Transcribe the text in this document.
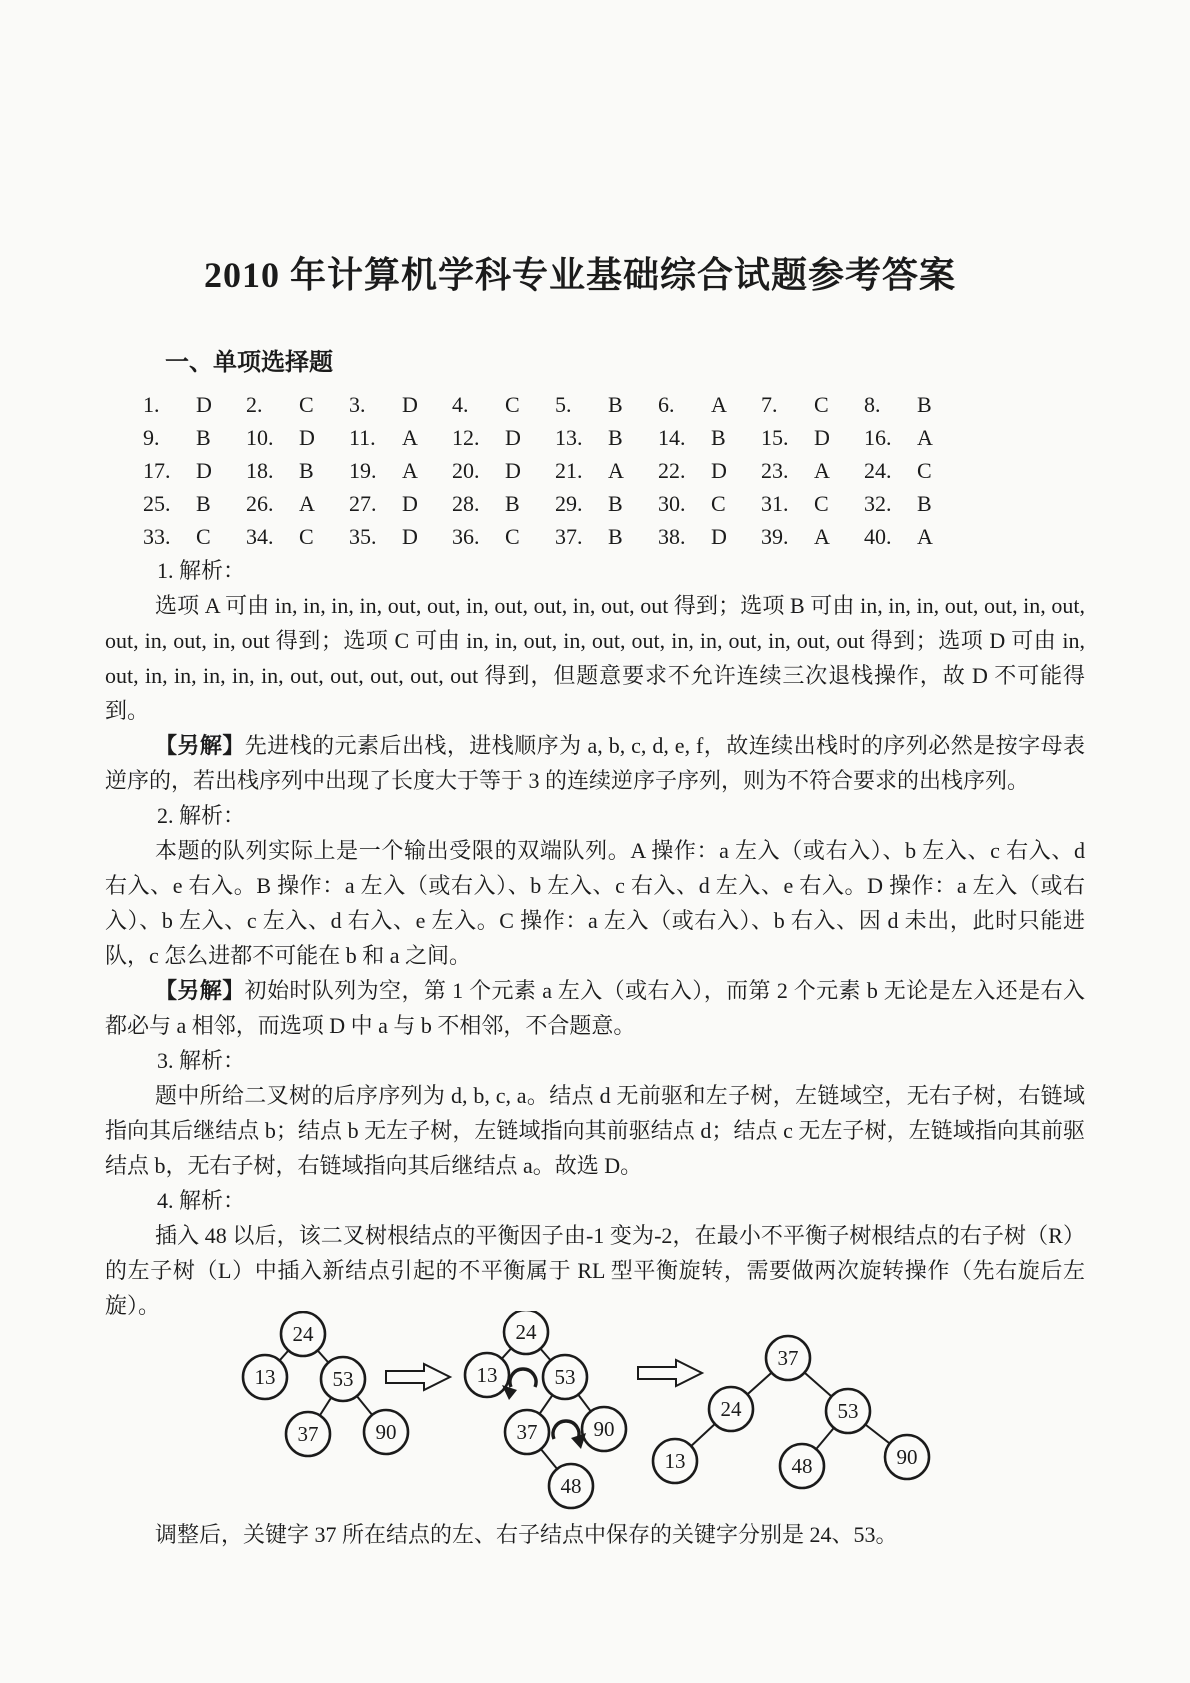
2010 年计算机学科专业基础综合试题参考答案
一、单项选择题
1.	D 2.	C 3.	D 4.	C 5.	B 6.	A 7.	C 8.	B
9.	B 10.	D 11.	A 12.	D 13.	B 14.	B 15.	D 16.	A
17.	D 18.	B 19.	A 20.	D 21.	A 22.	D 23.	A 24.	C
25.	B 26.	A 27.	D 28.	B 29.	B 30.	C 31.	C 32.	B
33.	C 34.	C 35.	D 36.	C 37.	B 38.	D 39.	A 40.	A

1. 解析：

选项 A 可由 in, in, in, in, out, out, in, out, out, in, out, out 得到；选项 B 可由 in, in, in, out, out, in, out, out, in, out, in, out 得到；选项 C 可由 in, in, out, in, out, out, in, in, out, in, out, out 得到；选项 D 可由 in, out, in, in, in, in, in, out, out, out, out, out 得到，但题意要求不允许连续三次退栈操作，故 D 不可能得到。

【另解】先进栈的元素后出栈，进栈顺序为 a, b, c, d, e, f，故连续出栈时的序列必然是按字母表逆序的，若出栈序列中出现了长度大于等于 3 的连续逆序子序列，则为不符合要求的出栈序列。

2. 解析：

本题的队列实际上是一个输出受限的双端队列。A 操作：a 左入（或右入）、b 左入、c 右入、d 右入、e 右入。B 操作：a 左入（或右入）、b 左入、c 右入、d 左入、e 右入。D 操作：a 左入（或右入）、b 左入、c 左入、d 右入、e 左入。C 操作：a 左入（或右入）、b 右入、因 d 未出，此时只能进队，c 怎么进都不可能在 b 和 a 之间。

【另解】初始时队列为空，第 1 个元素 a 左入（或右入），而第 2 个元素 b 无论是左入还是右入都必与 a 相邻，而选项 D 中 a 与 b 不相邻，不合题意。

3. 解析：

题中所给二叉树的后序序列为 d, b, c, a。结点 d 无前驱和左子树，左链域空，无右子树，右链域指向其后继结点 b；结点 b 无左子树，左链域指向其前驱结点 d；结点 c 无左子树，左链域指向其前驱结点 b，无右子树，右链域指向其后继结点 a。故选 D。

4. 解析：

插入 48 以后，该二叉树根结点的平衡因子由-1 变为-2，在最小不平衡子树根结点的右子树（R）的左子树（L）中插入新结点引起的不平衡属于 RL 型平衡旋转，需要做两次旋转操作（先右旋后左旋）。

24
13	53
37	90
24
13	53
37	90
48
37
24	53
13	48	90

调整后，关键字 37 所在结点的左、右子结点中保存的关键字分别是 24、53。
